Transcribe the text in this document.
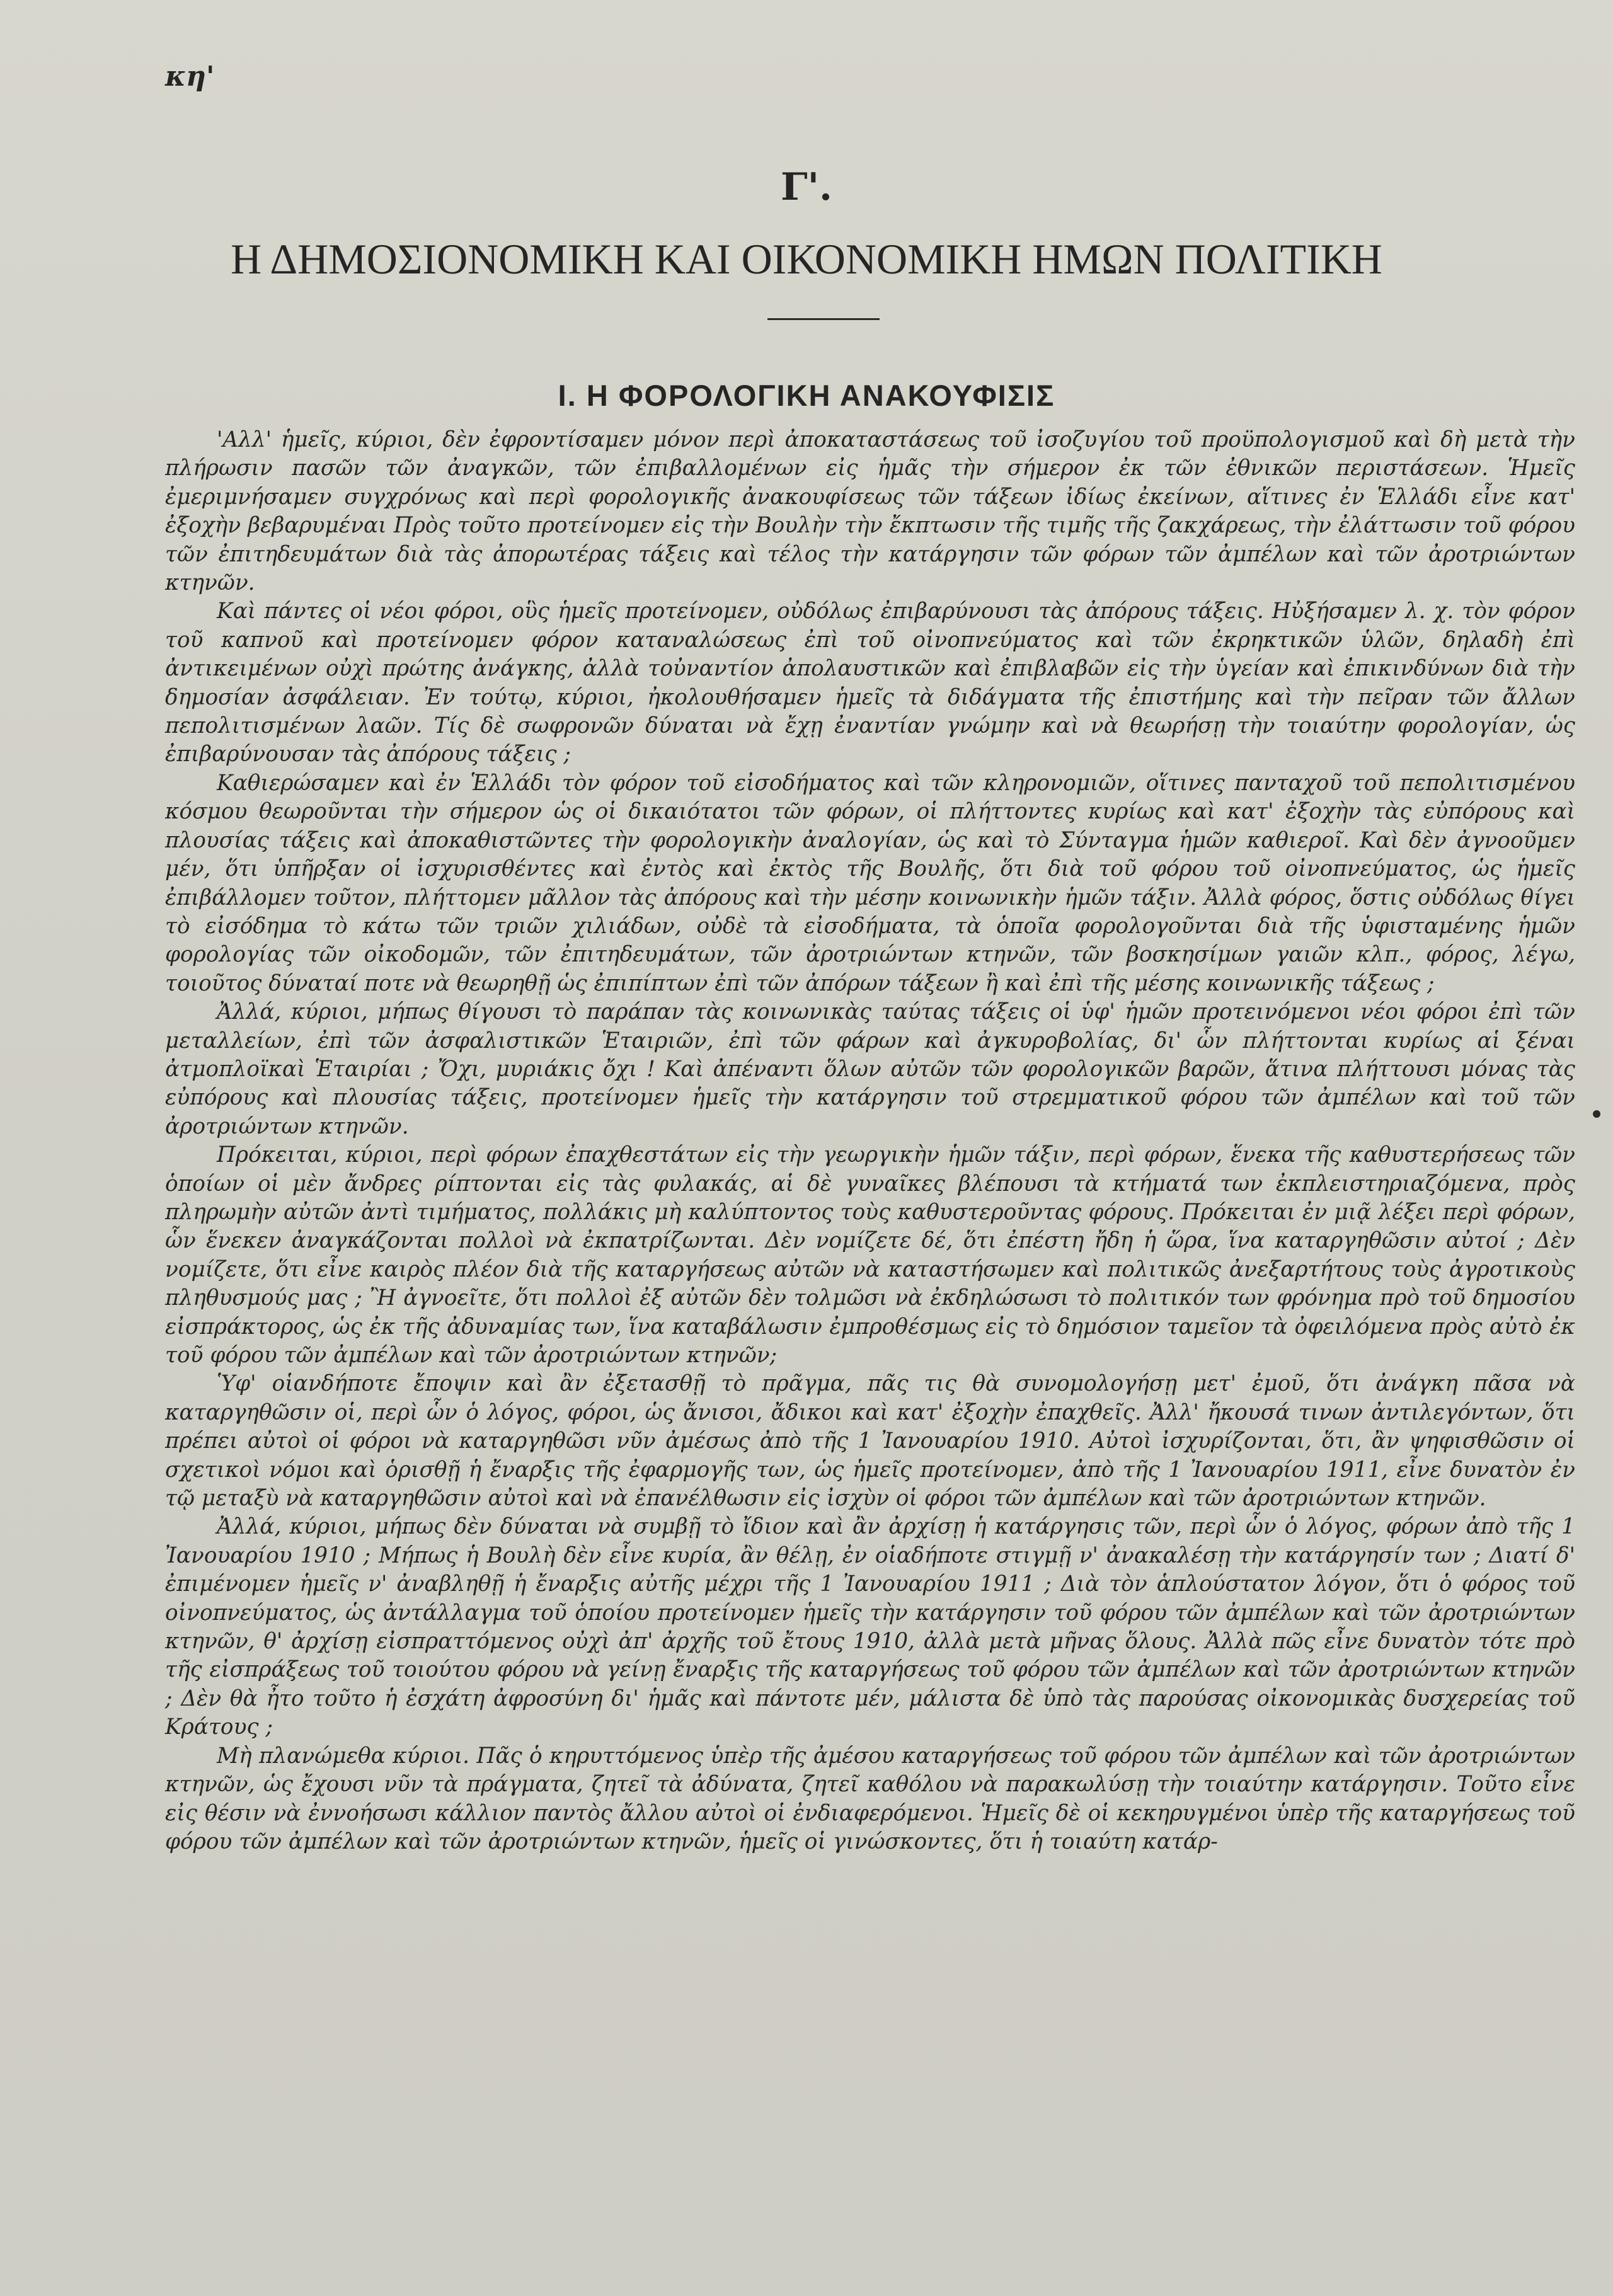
κη'
Γ'.
Η ΔΗΜΟΣΙΟΝΟΜΙΚΗ ΚΑΙ ΟΙΚΟΝΟΜΙΚΗ ΗΜΩΝ ΠΟΛΙΤΙΚΗ
Ι. Η ΦΟΡΟΛΟΓΙΚΗ ΑΝΑΚΟΥΦΙΣΙΣ

'Αλλ' ἡμεῖς, κύριοι, δὲν ἐφροντίσαμεν μόνον περὶ ἀποκαταστάσεως τοῦ ἰσοζυγίου τοῦ προϋπολογισμοῦ καὶ δὴ μετὰ τὴν πλήρωσιν πασῶν τῶν ἀναγκῶν, τῶν ἐπιβαλλομένων εἰς ἡμᾶς τὴν σήμερον ἐκ τῶν ἐθνικῶν περιστάσεων. Ἡμεῖς ἐμεριμνήσαμεν συγχρόνως καὶ περὶ φορολογικῆς ἀνακουφίσεως τῶν τάξεων ἰδίως ἐκείνων, αἵτινες ἐν Ἑλλάδι εἶνε κατ' ἐξοχὴν βεβαρυμέναι Πρὸς τοῦτο προτείνομεν εἰς τὴν Βουλὴν τὴν ἔκπτωσιν τῆς τιμῆς τῆς ζακχάρεως, τὴν ἐλάττωσιν τοῦ φόρου τῶν ἐπιτηδευμάτων διὰ τὰς ἀπορωτέρας τάξεις καὶ τέλος τὴν κατάργησιν τῶν φόρων τῶν ἀμπέλων καὶ τῶν ἀροτριώντων κτηνῶν.

Καὶ πάντες οἱ νέοι φόροι, οὓς ἡμεῖς προτείνομεν, οὐδόλως ἐπιβαρύνουσι τὰς ἀπόρους τάξεις. Ηὐξήσαμεν λ. χ. τὸν φόρον τοῦ καπνοῦ καὶ προτείνομεν φόρον καταναλώσεως ἐπὶ τοῦ οἰνοπνεύματος καὶ τῶν ἐκρηκτικῶν ὑλῶν, δηλαδὴ ἐπὶ ἀντικειμένων οὐχὶ πρώτης ἀνάγκης, ἀλλὰ τοὐναντίον ἀπολαυστικῶν καὶ ἐπιβλαβῶν εἰς τὴν ὑγείαν καὶ ἐπικινδύνων διὰ τὴν δημοσίαν ἀσφάλειαν. Ἐν τούτῳ, κύριοι, ἠκολουθήσαμεν ἡμεῖς τὰ διδάγματα τῆς ἐπιστήμης καὶ τὴν πεῖραν τῶν ἄλλων πεπολιτισμένων λαῶν. Τίς δὲ σωφρονῶν δύναται νὰ ἔχῃ ἐναντίαν γνώμην καὶ νὰ θεωρήσῃ τὴν τοιαύτην φορολογίαν, ὡς ἐπιβαρύνουσαν τὰς ἀπόρους τάξεις ;

Καθιερώσαμεν καὶ ἐν Ἑλλάδι τὸν φόρον τοῦ εἰσοδήματος καὶ τῶν κληρονομιῶν, οἵτινες πανταχοῦ τοῦ πεπολιτισμένου κόσμου θεωροῦνται τὴν σήμερον ὡς οἱ δικαιότατοι τῶν φόρων, οἱ πλήττοντες κυρίως καὶ κατ' ἐξοχὴν τὰς εὐπόρους καὶ πλουσίας τάξεις καὶ ἀποκαθιστῶντες τὴν φορολογικὴν ἀναλογίαν, ὡς καὶ τὸ Σύνταγμα ἡμῶν καθιεροῖ. Καὶ δὲν ἀγνοοῦμεν μέν, ὅτι ὑπῆρξαν οἱ ἰσχυρισθέντες καὶ ἐντὸς καὶ ἐκτὸς τῆς Βουλῆς, ὅτι διὰ τοῦ φόρου τοῦ οἰνοπνεύματος, ὡς ἡμεῖς ἐπιβάλλομεν τοῦτον, πλήττομεν μᾶλλον τὰς ἀπόρους καὶ τὴν μέσην κοινωνικὴν ἡμῶν τάξιν. Ἀλλὰ φόρος, ὅστις οὐδόλως θίγει τὸ εἰσόδημα τὸ κάτω τῶν τριῶν χιλιάδων, οὐδὲ τὰ εἰσοδήματα, τὰ ὁποῖα φορολογοῦνται διὰ τῆς ὑφισταμένης ἡμῶν φορολογίας τῶν οἰκοδομῶν, τῶν ἐπιτηδευμάτων, τῶν ἀροτριώντων κτηνῶν, τῶν βοσκησίμων γαιῶν κλπ., φόρος, λέγω, τοιοῦτος δύναταί ποτε νὰ θεωρηθῇ ὡς ἐπιπίπτων ἐπὶ τῶν ἀπόρων τάξεων ἢ καὶ ἐπὶ τῆς μέσης κοινωνικῆς τάξεως ;

Ἀλλά, κύριοι, μήπως θίγουσι τὸ παράπαν τὰς κοινωνικὰς ταύτας τάξεις οἱ ὑφ' ἡμῶν προτεινόμενοι νέοι φόροι ἐπὶ τῶν μεταλλείων, ἐπὶ τῶν ἀσφαλιστικῶν Ἑταιριῶν, ἐπὶ τῶν φάρων καὶ ἀγκυροβολίας, δι' ὧν πλήττονται κυρίως αἱ ξέναι ἀτμοπλοϊκαὶ Ἑταιρίαι ; Ὄχι, μυριάκις ὄχι ! Καὶ ἀπέναντι ὅλων αὐτῶν τῶν φορολογικῶν βαρῶν, ἅτινα πλήττουσι μόνας τὰς εὐπόρους καὶ πλουσίας τάξεις, προτείνομεν ἡμεῖς τὴν κατάργησιν τοῦ στρεμματικοῦ φόρου τῶν ἀμπέλων καὶ τοῦ τῶν ἀροτριώντων κτηνῶν.

Πρόκειται, κύριοι, περὶ φόρων ἐπαχθεστάτων εἰς τὴν γεωργικὴν ἡμῶν τάξιν, περὶ φόρων, ἕνεκα τῆς καθυστερήσεως τῶν ὁποίων οἱ μὲν ἄνδρες ρίπτονται εἰς τὰς φυλακάς, αἱ δὲ γυναῖκες βλέπουσι τὰ κτήματά των ἐκπλειστηριαζόμενα, πρὸς πληρωμὴν αὐτῶν ἀντὶ τιμήματος, πολλάκις μὴ καλύπτοντος τοὺς καθυστεροῦντας φόρους. Πρόκειται ἐν μιᾷ λέξει περὶ φόρων, ὧν ἕνεκεν ἀναγκάζονται πολλοὶ νὰ ἐκπατρίζωνται. Δὲν νομίζετε δέ, ὅτι ἐπέστη ἤδη ἡ ὥρα, ἵνα καταργηθῶσιν αὐτοί ; Δὲν νομίζετε, ὅτι εἶνε καιρὸς πλέον διὰ τῆς καταργήσεως αὐτῶν νὰ καταστήσωμεν καὶ πολιτικῶς ἀνεξαρτήτους τοὺς ἀγροτικοὺς πληθυσμούς μας ; Ἢ ἀγνοεῖτε, ὅτι πολλοὶ ἐξ αὐτῶν δὲν τολμῶσι νὰ ἐκδηλώσωσι τὸ πολιτικόν των φρόνημα πρὸ τοῦ δημοσίου εἰσπράκτορος, ὡς ἐκ τῆς ἀδυναμίας των, ἵνα καταβάλωσιν ἐμπροθέσμως εἰς τὸ δημόσιον ταμεῖον τὰ ὀφειλόμενα πρὸς αὐτὸ ἐκ τοῦ φόρου τῶν ἀμπέλων καὶ τῶν ἀροτριώντων κτηνῶν;

Ὑφ' οἱανδήποτε ἔποψιν καὶ ἂν ἐξετασθῇ τὸ πρᾶγμα, πᾶς τις θὰ συνομολογήσῃ μετ' ἐμοῦ, ὅτι ἀνάγκη πᾶσα νὰ καταργηθῶσιν οἱ, περὶ ὧν ὁ λόγος, φόροι, ὡς ἄνισοι, ἄδικοι καὶ κατ' ἐξοχὴν ἐπαχθεῖς. Ἀλλ' ἤκουσά τινων ἀντιλεγόντων, ὅτι πρέπει αὐτοὶ οἱ φόροι νὰ καταργηθῶσι νῦν ἀμέσως ἀπὸ τῆς 1 Ἰανουαρίου 1910. Αὐτοὶ ἰσχυρίζονται, ὅτι, ἂν ψηφισθῶσιν οἱ σχετικοὶ νόμοι καὶ ὁρισθῇ ἡ ἔναρξις τῆς ἐφαρμογῆς των, ὡς ἡμεῖς προτείνομεν, ἀπὸ τῆς 1 Ἰανουαρίου 1911, εἶνε δυνατὸν ἐν τῷ μεταξὺ νὰ καταργηθῶσιν αὐτοὶ καὶ νὰ ἐπανέλθωσιν εἰς ἰσχὺν οἱ φόροι τῶν ἀμπέλων καὶ τῶν ἀροτριώντων κτηνῶν.

Ἀλλά, κύριοι, μήπως δὲν δύναται νὰ συμβῇ τὸ ἴδιον καὶ ἂν ἀρχίσῃ ἡ κατάργησις τῶν, περὶ ὧν ὁ λόγος, φόρων ἀπὸ τῆς 1 Ἰανουαρίου 1910 ; Μήπως ἡ Βουλὴ δὲν εἶνε κυρία, ἂν θέλῃ, ἐν οἱαδήποτε στιγμῇ ν' ἀνακαλέσῃ τὴν κατάργησίν των ; Διατί δ' ἐπιμένομεν ἡμεῖς ν' ἀναβληθῇ ἡ ἔναρξις αὐτῆς μέχρι τῆς 1 Ἰανουαρίου 1911 ; Διὰ τὸν ἁπλούστατον λόγον, ὅτι ὁ φόρος τοῦ οἰνοπνεύματος, ὡς ἀντάλλαγμα τοῦ ὁποίου προτείνομεν ἡμεῖς τὴν κατάργησιν τοῦ φόρου τῶν ἀμπέλων καὶ τῶν ἀροτριώντων κτηνῶν, θ' ἀρχίσῃ εἰσπραττόμενος οὐχὶ ἀπ' ἀρχῆς τοῦ ἔτους 1910, ἀλλὰ μετὰ μῆνας ὅλους. Ἀλλὰ πῶς εἶνε δυνατὸν τότε πρὸ τῆς εἰσπράξεως τοῦ τοιούτου φόρου νὰ γείνῃ ἔναρξις τῆς καταργήσεως τοῦ φόρου τῶν ἀμπέλων καὶ τῶν ἀροτριώντων κτηνῶν ; Δὲν θὰ ἦτο τοῦτο ἡ ἐσχάτη ἀφροσύνη δι' ἡμᾶς καὶ πάντοτε μέν, μάλιστα δὲ ὑπὸ τὰς παρούσας οἰκονομικὰς δυσχερείας τοῦ Κράτους ;

Μὴ πλανώμεθα κύριοι. Πᾶς ὁ κηρυττόμενος ὑπὲρ τῆς ἀμέσου καταργήσεως τοῦ φόρου τῶν ἀμπέλων καὶ τῶν ἀροτριώντων κτηνῶν, ὡς ἔχουσι νῦν τὰ πράγματα, ζητεῖ τὰ ἀδύνατα, ζητεῖ καθόλου νὰ παρακωλύσῃ τὴν τοιαύτην κατάργησιν. Τοῦτο εἶνε εἰς θέσιν νὰ ἐννοήσωσι κάλλιον παντὸς ἄλλου αὐτοὶ οἱ ἐνδιαφερόμενοι. Ἡμεῖς δὲ οἱ κεκηρυγμένοι ὑπὲρ τῆς καταργήσεως τοῦ φόρου τῶν ἀμπέλων καὶ τῶν ἀροτριώντων κτηνῶν, ἡμεῖς οἱ γινώσκοντες, ὅτι ἡ τοιαύτη κατάρ-
